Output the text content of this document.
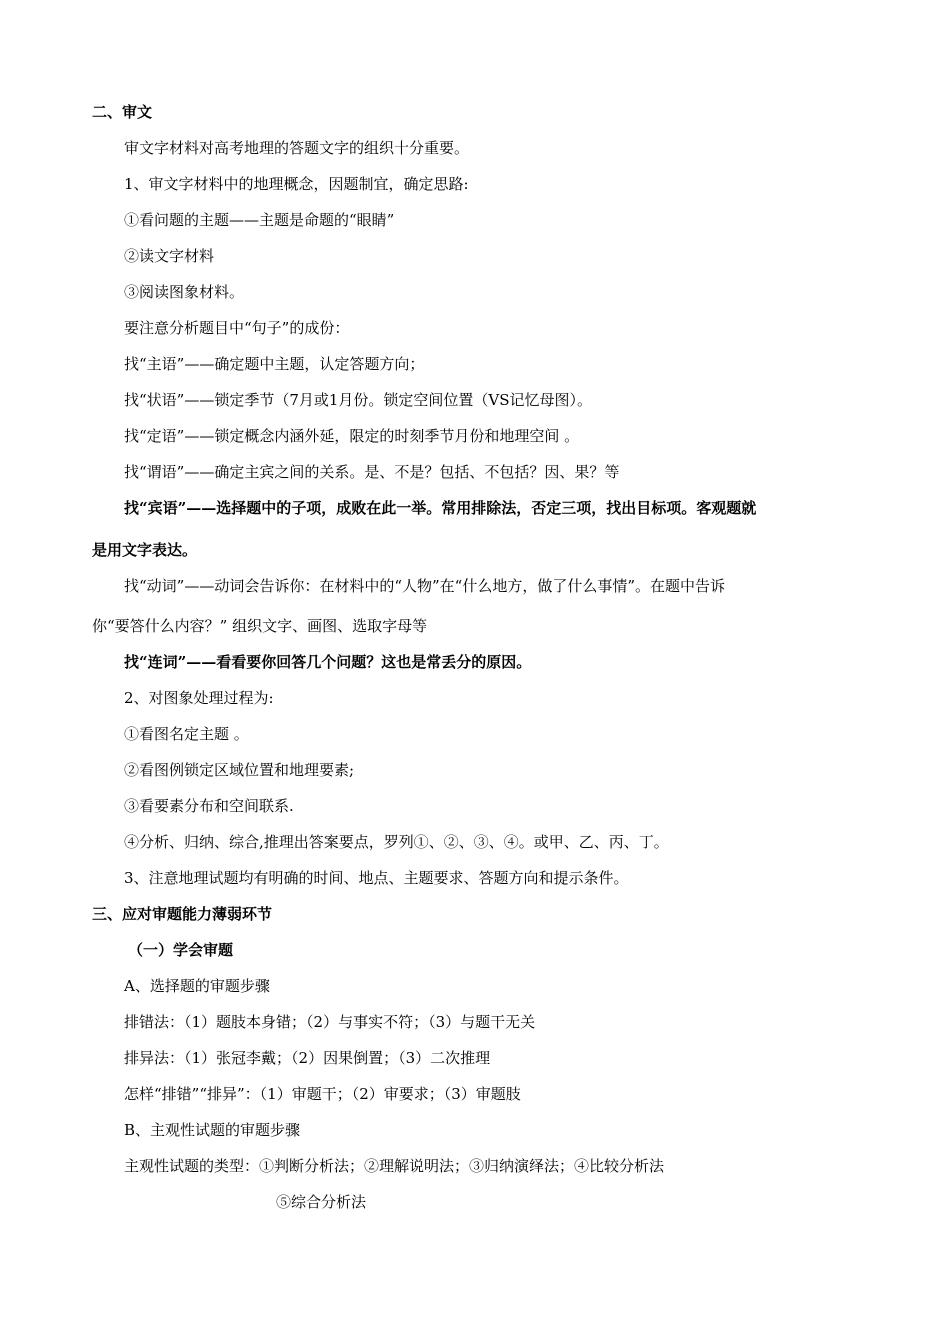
二、审文
审文字材料对高考地理的答题文字的组织十分重要。
1、审文字材料中的地理概念，因题制宜，确定思路:
①看问题的主题——主题是命题的“眼睛”
②读文字材料
③阅读图象材料。
要注意分析题目中“句子”的成份：
找“主语”——确定题中主题，认定答题方向；
找“状语”——锁定季节（7月或1月份。锁定空间位置（VS记忆母图）。
找“定语”——锁定概念内涵外延，限定的时刻季节月份和地理空间 。
找“谓语”——确定主宾之间的关系。是、不是？包括、不包括？因、果？等
找“宾语”——选择题中的子项，成败在此一举。常用排除法，否定三项，找出目标项。客观题就
是用文字表达。
找“动词”——动词会告诉你：在材料中的“人物”在“什么地方，做了什么事情”。在题中告诉
你“要答什么内容？” 组织文字、画图、选取字母等
找“连词”——看看要你回答几个问题？这也是常丢分的原因。
2、对图象处理过程为:
①看图名定主题 。
②看图例锁定区域位置和地理要素;
③看要素分布和空间联系.
④分析、归纳、综合,推理出答案要点，罗列①、②、③、④。或甲、乙、丙、丁。
3、注意地理试题均有明确的时间、地点、主题要求、答题方向和提示条件。
三、应对审题能力薄弱环节
（一）学会审题
A、选择题的审题步骤
排错法：（1）题肢本身错；（2）与事实不符；（3）与题干无关
排异法：（1）张冠李戴；（2）因果倒置；（3）二次推理
怎样“排错”“排异”：（1）审题干；（2）审要求；（3）审题肢
B、主观性试题的审题步骤
主观性试题的类型：①判断分析法；②理解说明法；③归纳演绎法；④比较分析法
⑤综合分析法
